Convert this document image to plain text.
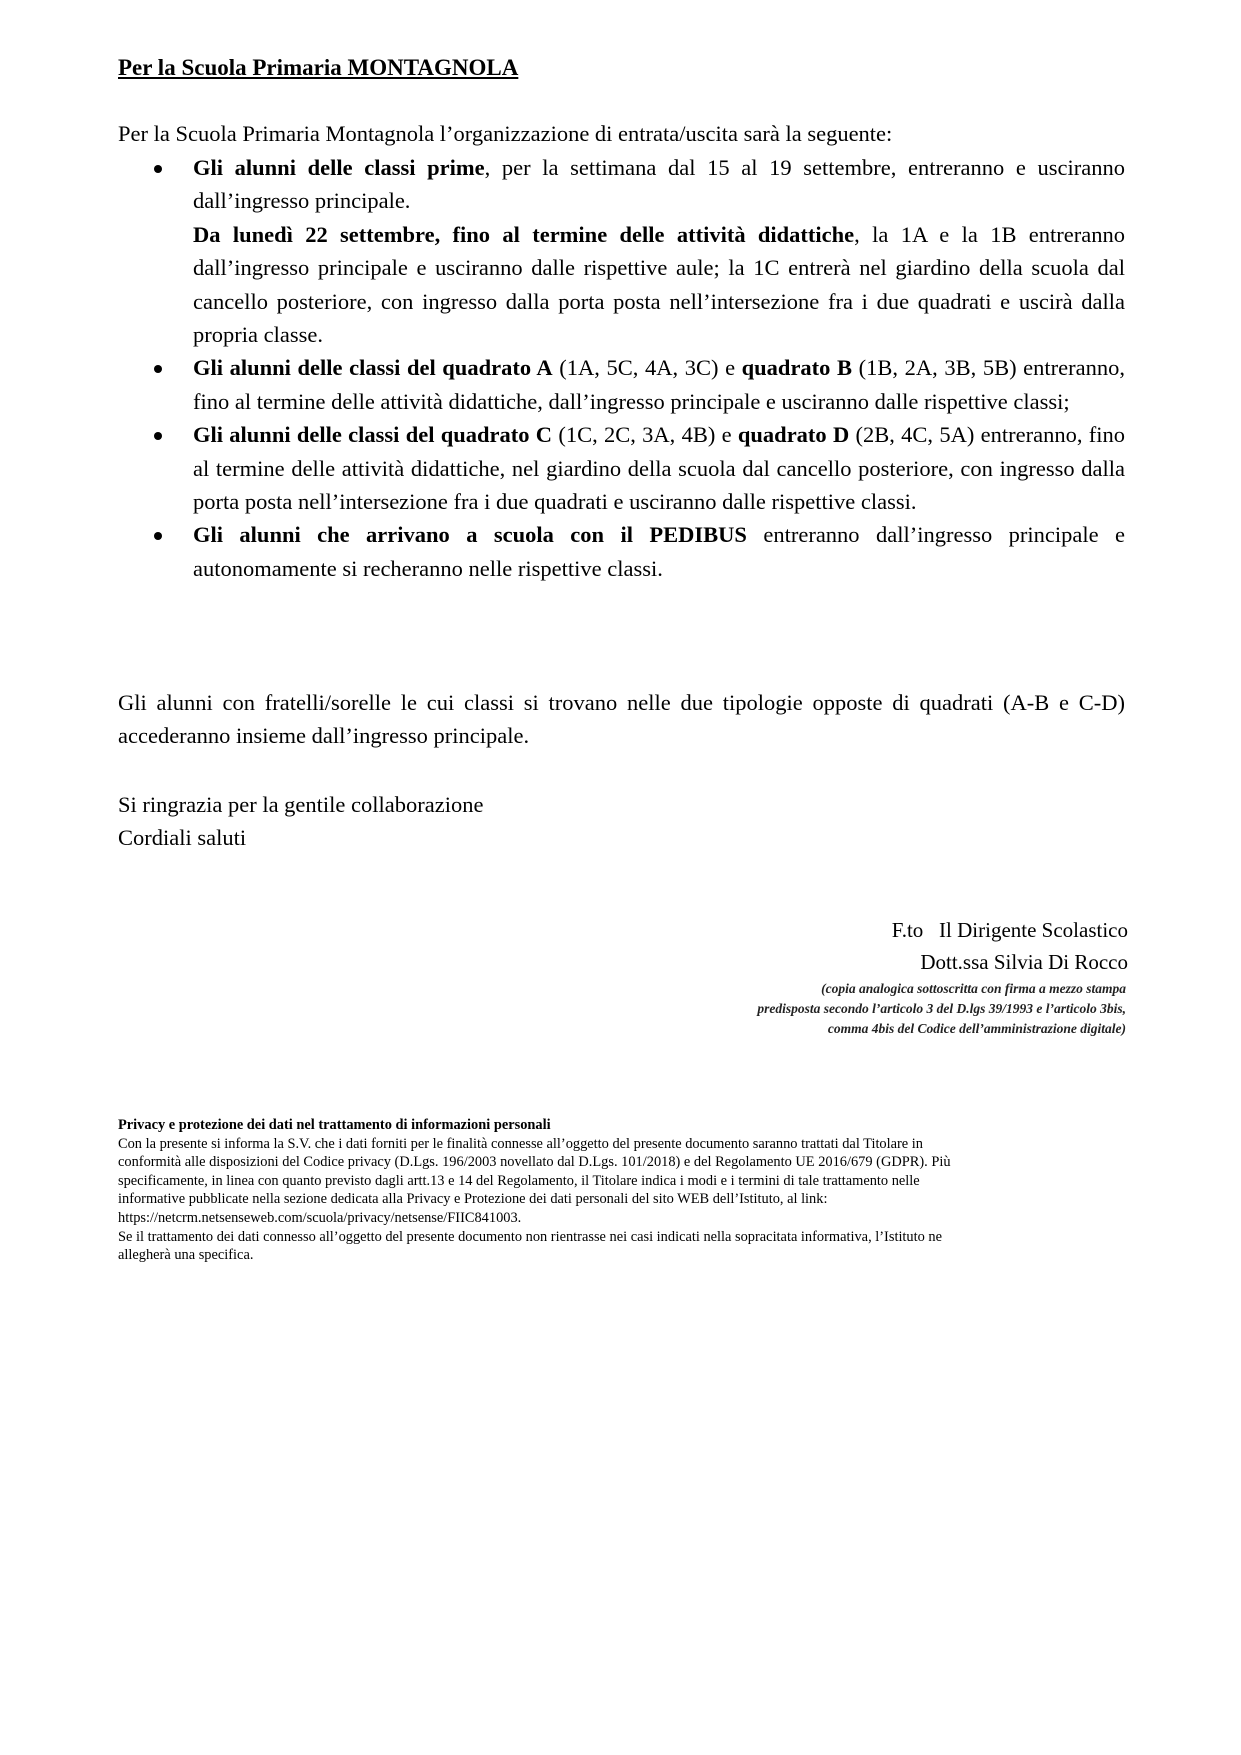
Per la Scuola Primaria MONTAGNOLA
Per la Scuola Primaria Montagnola l’organizzazione di entrata/uscita sarà la seguente:

Gli alunni delle classi prime, per la settimana dal 15 al 19 settembre, entreranno e usciranno dall’ingresso principale.

Da lunedì 22 settembre, fino al termine delle attività didattiche, la 1A e la 1B entreranno dall’ingresso principale e usciranno dalle rispettive aule; la 1C entrerà nel giardino della scuola dal cancello posteriore, con ingresso dalla porta posta nell’intersezione fra i due quadrati e uscirà dalla propria classe.

Gli alunni delle classi del quadrato A (1A, 5C, 4A, 3C) e quadrato B (1B, 2A, 3B, 5B) entreranno, fino al termine delle attività didattiche, dall’ingresso principale e usciranno dalle rispettive classi;

Gli alunni delle classi del quadrato C (1C, 2C, 3A, 4B) e quadrato D (2B, 4C, 5A) entreranno, fino al termine delle attività didattiche, nel giardino della scuola dal cancello posteriore, con ingresso dalla porta posta nell’intersezione fra i due quadrati e usciranno dalle rispettive classi.

Gli alunni che arrivano a scuola con il PEDIBUS entreranno dall’ingresso principale e autonomamente si recheranno nelle rispettive classi.

Gli alunni con fratelli/sorelle le cui classi si trovano nelle due tipologie opposte di quadrati (A-B e C-D) accederanno insieme dall’ingresso principale.

Si ringrazia per la gentile collaborazione
Cordiali saluti
F.to   Il Dirigente Scolastico
Dott.ssa Silvia Di Rocco
(copia analogica sottoscritta con firma a mezzo stampa
predisposta secondo l’articolo 3 del D.lgs 39/1993 e l’articolo 3bis,
comma 4bis del Codice dell’amministrazione digitale)
Privacy e protezione dei dati nel trattamento di informazioni personali
Con la presente si informa la S.V. che i dati forniti per le finalità connesse all’oggetto del presente documento saranno trattati dal Titolare in
conformità alle disposizioni del Codice privacy (D.Lgs. 196/2003 novellato dal D.Lgs. 101/2018) e del Regolamento UE 2016/679 (GDPR). Più
specificamente, in linea con quanto previsto dagli artt.13 e 14 del Regolamento, il Titolare indica i modi e i termini di tale trattamento nelle
informative pubblicate nella sezione dedicata alla Privacy e Protezione dei dati personali del sito WEB dell’Istituto, al link:
https://netcrm.netsenseweb.com/scuola/privacy/netsense/FIIC841003.
Se il trattamento dei dati connesso all’oggetto del presente documento non rientrasse nei casi indicati nella sopracitata informativa, l’Istituto ne
allegherà una specifica.
